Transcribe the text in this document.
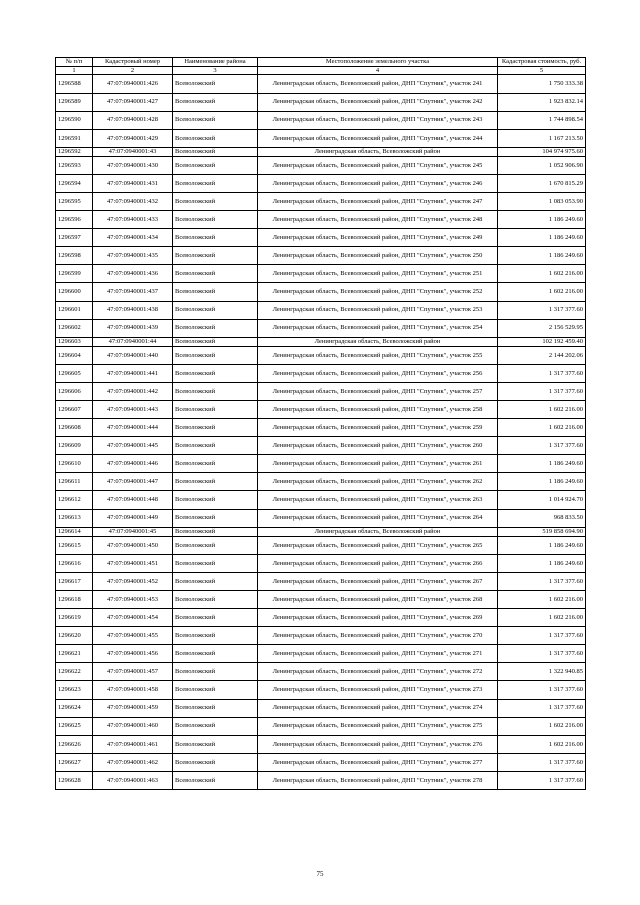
№ п/п	Кадастровый номер	Наименование района	Местоположение земельного участка	Кадастровая стоимость, руб.
1	2	3	4	5
1296588	47:07:0940001:426	Всеволожский	Ленинградская область, Всеволожский район, ДНП "Спутник", участок 241	1 750 333.38
1296589	47:07:0940001:427	Всеволожский	Ленинградская область, Всеволожский район, ДНП "Спутник", участок 242	1 923 832.14
1296590	47:07:0940001:428	Всеволожский	Ленинградская область, Всеволожский район, ДНП "Спутник", участок 243	1 744 898.54
1296591	47:07:0940001:429	Всеволожский	Ленинградская область, Всеволожский район, ДНП "Спутник", участок 244	1 167 213.50
1296592	47:07:0940001:43	Всеволожский	Ленинградская область, Всеволожский район	104 974 975.60
1296593	47:07:0940001:430	Всеволожский	Ленинградская область, Всеволожский район, ДНП "Спутник", участок 245	1 052 906.90
1296594	47:07:0940001:431	Всеволожский	Ленинградская область, Всеволожский район, ДНП "Спутник", участок 246	1 670 815.29
1296595	47:07:0940001:432	Всеволожский	Ленинградская область, Всеволожский район, ДНП "Спутник", участок 247	1 083 053.90
1296596	47:07:0940001:433	Всеволожский	Ленинградская область, Всеволожский район, ДНП "Спутник", участок 248	1 186 249.60
1296597	47:07:0940001:434	Всеволожский	Ленинградская область, Всеволожский район, ДНП "Спутник", участок 249	1 186 249.60
1296598	47:07:0940001:435	Всеволожский	Ленинградская область, Всеволожский район, ДНП "Спутник", участок 250	1 186 249.60
1296599	47:07:0940001:436	Всеволожский	Ленинградская область, Всеволожский район, ДНП "Спутник", участок 251	1 602 216.00
1296600	47:07:0940001:437	Всеволожский	Ленинградская область, Всеволожский район, ДНП "Спутник", участок 252	1 602 216.00
1296601	47:07:0940001:438	Всеволожский	Ленинградская область, Всеволожский район, ДНП "Спутник", участок 253	1 317 377.60
1296602	47:07:0940001:439	Всеволожский	Ленинградская область, Всеволожский район, ДНП "Спутник", участок 254	2 156 529.95
1296603	47:07:0940001:44	Всеволожский	Ленинградская область, Всеволожский район	102 192 459.40
1296604	47:07:0940001:440	Всеволожский	Ленинградская область, Всеволожский район, ДНП "Спутник", участок 255	2 144 202.06
1296605	47:07:0940001:441	Всеволожский	Ленинградская область, Всеволожский район, ДНП "Спутник", участок 256	1 317 377.60
1296606	47:07:0940001:442	Всеволожский	Ленинградская область, Всеволожский район, ДНП "Спутник", участок 257	1 317 377.60
1296607	47:07:0940001:443	Всеволожский	Ленинградская область, Всеволожский район, ДНП "Спутник", участок 258	1 602 216.00
1296608	47:07:0940001:444	Всеволожский	Ленинградская область, Всеволожский район, ДНП "Спутник", участок 259	1 602 216.00
1296609	47:07:0940001:445	Всеволожский	Ленинградская область, Всеволожский район, ДНП "Спутник", участок 260	1 317 377.60
1296610	47:07:0940001:446	Всеволожский	Ленинградская область, Всеволожский район, ДНП "Спутник", участок 261	1 186 249.60
1296611	47:07:0940001:447	Всеволожский	Ленинградская область, Всеволожский район, ДНП "Спутник", участок 262	1 186 249.60
1296612	47:07:0940001:448	Всеволожский	Ленинградская область, Всеволожский район, ДНП "Спутник", участок 263	1 014 924.70
1296613	47:07:0940001:449	Всеволожский	Ленинградская область, Всеволожский район, ДНП "Спутник", участок 264	968 833.50
1296614	47:07:0940001:45	Всеволожский	Ленинградская область, Всеволожский район	519 858 694.90
1296615	47:07:0940001:450	Всеволожский	Ленинградская область, Всеволожский район, ДНП "Спутник", участок 265	1 186 249.60
1296616	47:07:0940001:451	Всеволожский	Ленинградская область, Всеволожский район, ДНП "Спутник", участок 266	1 186 249.60
1296617	47:07:0940001:452	Всеволожский	Ленинградская область, Всеволожский район, ДНП "Спутник", участок 267	1 317 377.60
1296618	47:07:0940001:453	Всеволожский	Ленинградская область, Всеволожский район, ДНП "Спутник", участок 268	1 602 216.00
1296619	47:07:0940001:454	Всеволожский	Ленинградская область, Всеволожский район, ДНП "Спутник", участок 269	1 602 216.00
1296620	47:07:0940001:455	Всеволожский	Ленинградская область, Всеволожский район, ДНП "Спутник", участок 270	1 317 377.60
1296621	47:07:0940001:456	Всеволожский	Ленинградская область, Всеволожский район, ДНП "Спутник", участок 271	1 317 377.60
1296622	47:07:0940001:457	Всеволожский	Ленинградская область, Всеволожский район, ДНП "Спутник", участок 272	1 322 940.85
1296623	47:07:0940001:458	Всеволожский	Ленинградская область, Всеволожский район, ДНП "Спутник", участок 273	1 317 377.60
1296624	47:07:0940001:459	Всеволожский	Ленинградская область, Всеволожский район, ДНП "Спутник", участок 274	1 317 377.60
1296625	47:07:0940001:460	Всеволожский	Ленинградская область, Всеволожский район, ДНП "Спутник", участок 275	1 602 216.00
1296626	47:07:0940001:461	Всеволожский	Ленинградская область, Всеволожский район, ДНП "Спутник", участок 276	1 602 216.00
1296627	47:07:0940001:462	Всеволожский	Ленинградская область, Всеволожский район, ДНП "Спутник", участок 277	1 317 377.60
1296628	47:07:0940001:463	Всеволожский	Ленинградская область, Всеволожский район, ДНП "Спутник", участок 278	1 317 377.60
75
